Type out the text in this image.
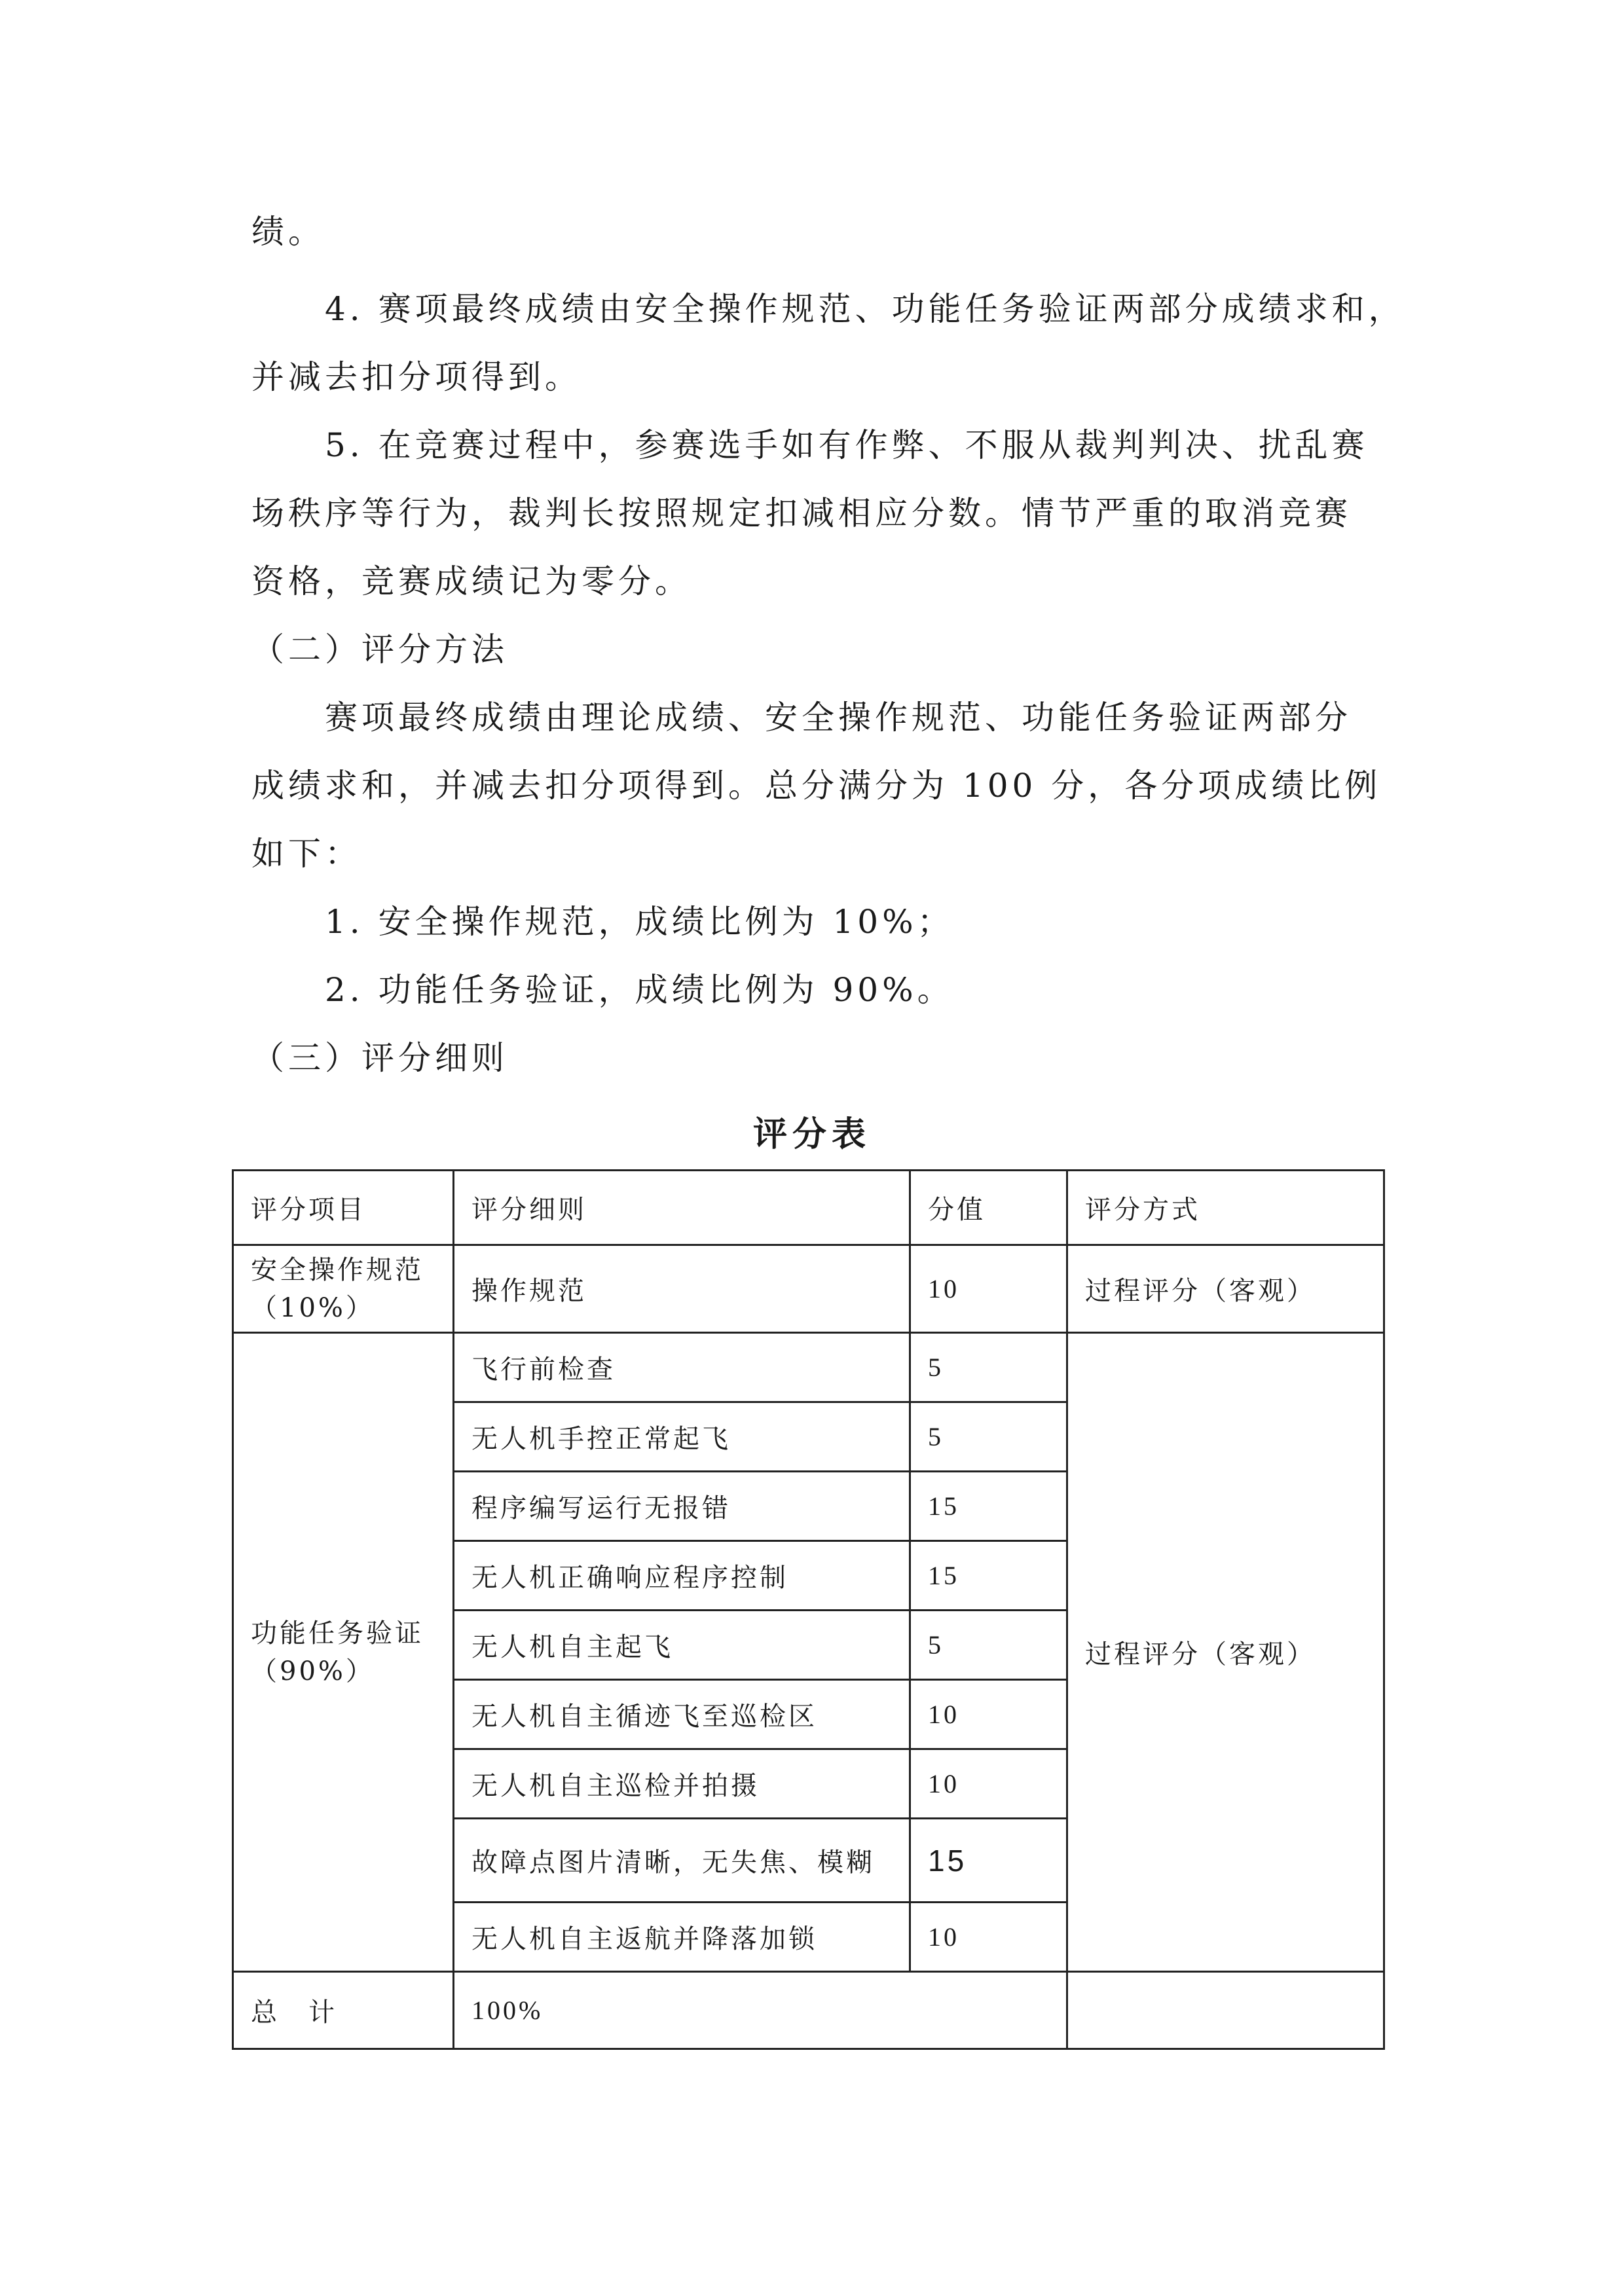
绩。

4. 赛项最终成绩由安全操作规范、功能任务验证两部分成绩求和，

并减去扣分项得到。

5. 在竞赛过程中，参赛选手如有作弊、不服从裁判判决、扰乱赛

场秩序等行为，裁判长按照规定扣减相应分数。情节严重的取消竞赛

资格，竞赛成绩记为零分。

（二）评分方法

赛项最终成绩由理论成绩、安全操作规范、功能任务验证两部分

成绩求和，并减去扣分项得到。总分满分为 100 分，各分项成绩比例

如下：

1. 安全操作规范，成绩比例为 10%；

2. 功能任务验证，成绩比例为 90%。

（三）评分细则

评分表
评分项目	评分细则	分值	评分方式

安全操作规范
（10%）	操作规范	10	过程评分（客观）

功能任务验证
（90%）	飞行前检查	5	过程评分（客观）
	无人机手控正常起飞	5	
	程序编写运行无报错	15	
	无人机正确响应程序控制	15	
	无人机自主起飞	5	
	无人机自主循迹飞至巡检区	10	
	无人机自主巡检并拍摄	10	
	故障点图片清晰，无失焦、模糊	15	
	无人机自主返航并降落加锁	10	
总　计	100%		
